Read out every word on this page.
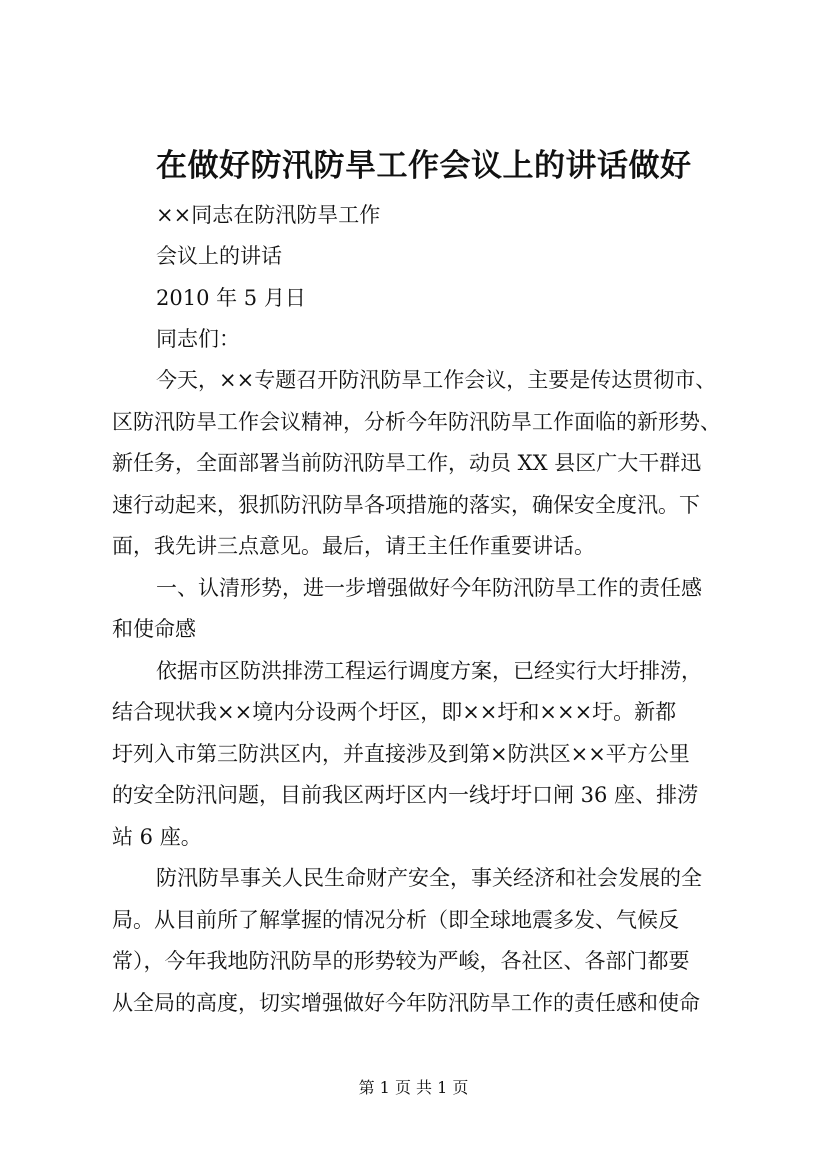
在做好防汛防旱工作会议上的讲话做好
××同志在防汛防旱工作
会议上的讲话
2010 年 5 月日
同志们：
今天，××专题召开防汛防旱工作会议，主要是传达贯彻市、
区防汛防旱工作会议精神，分析今年防汛防旱工作面临的新形势、
新任务，全面部署当前防汛防旱工作，动员 XX 县区广大干群迅
速行动起来，狠抓防汛防旱各项措施的落实，确保安全度汛。下
面，我先讲三点意见。最后，请王主任作重要讲话。
一、认清形势，进一步增强做好今年防汛防旱工作的责任感
和使命感
依据市区防洪排涝工程运行调度方案，已经实行大圩排涝，
结合现状我××境内分设两个圩区，即××圩和×××圩。新都
圩列入市第三防洪区内，并直接涉及到第×防洪区××平方公里
的安全防汛问题，目前我区两圩区内一线圩圩口闸 36 座、排涝
站 6 座。
防汛防旱事关人民生命财产安全，事关经济和社会发展的全
局。从目前所了解掌握的情况分析（即全球地震多发、气候反
常），今年我地防汛防旱的形势较为严峻，各社区、各部门都要
从全局的高度，切实增强做好今年防汛防旱工作的责任感和使命
第 1 页 共 1 页
